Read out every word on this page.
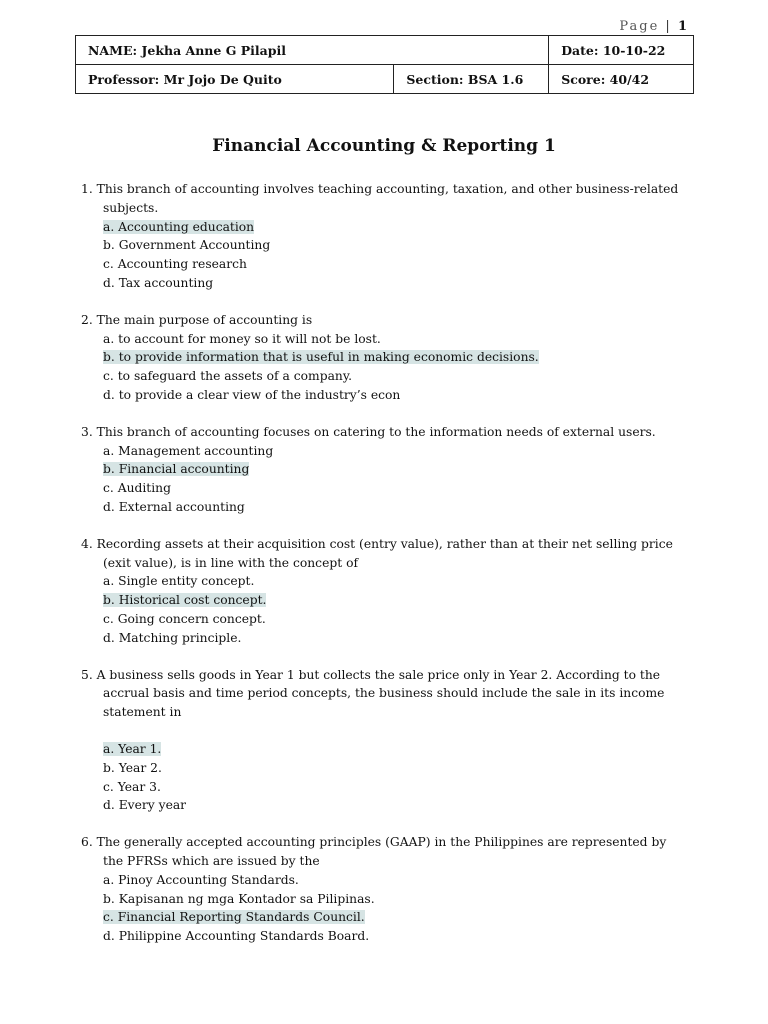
Page | 1
NAME: Jekha Anne G Pilapil		Date: 10-10-22
Professor: Mr Jojo De Quito	Section: BSA 1.6	Score: 40/42
Financial Accounting & Reporting 1
1. This branch of accounting involves teaching accounting, taxation, and other business-related subjects.
a. Accounting education
b. Government Accounting
c. Accounting research
d. Tax accounting
2. The main purpose of accounting is
a. to account for money so it will not be lost.
b. to provide information that is useful in making economic decisions.
c. to safeguard the assets of a company.
d. to provide a clear view of the industry’s econ
3. This branch of accounting focuses on catering to the information needs of external users.
a. Management accounting
b. Financial accounting
c. Auditing
d. External accounting
4. Recording assets at their acquisition cost (entry value), rather than at their net selling price (exit value), is in line with the concept of
a. Single entity concept.
b. Historical cost concept.
c. Going concern concept.
d. Matching principle.
5. A business sells goods in Year 1 but collects the sale price only in Year 2. According to the accrual basis and time period concepts, the business should include the sale in its income statement in
a. Year 1.
b. Year 2.
c. Year 3.
d. Every year
6. The generally accepted accounting principles (GAAP) in the Philippines are represented by the PFRSs which are issued by the
a. Pinoy Accounting Standards.
b. Kapisanan ng mga Kontador sa Pilipinas.
c. Financial Reporting Standards Council.
d. Philippine Accounting Standards Board.
